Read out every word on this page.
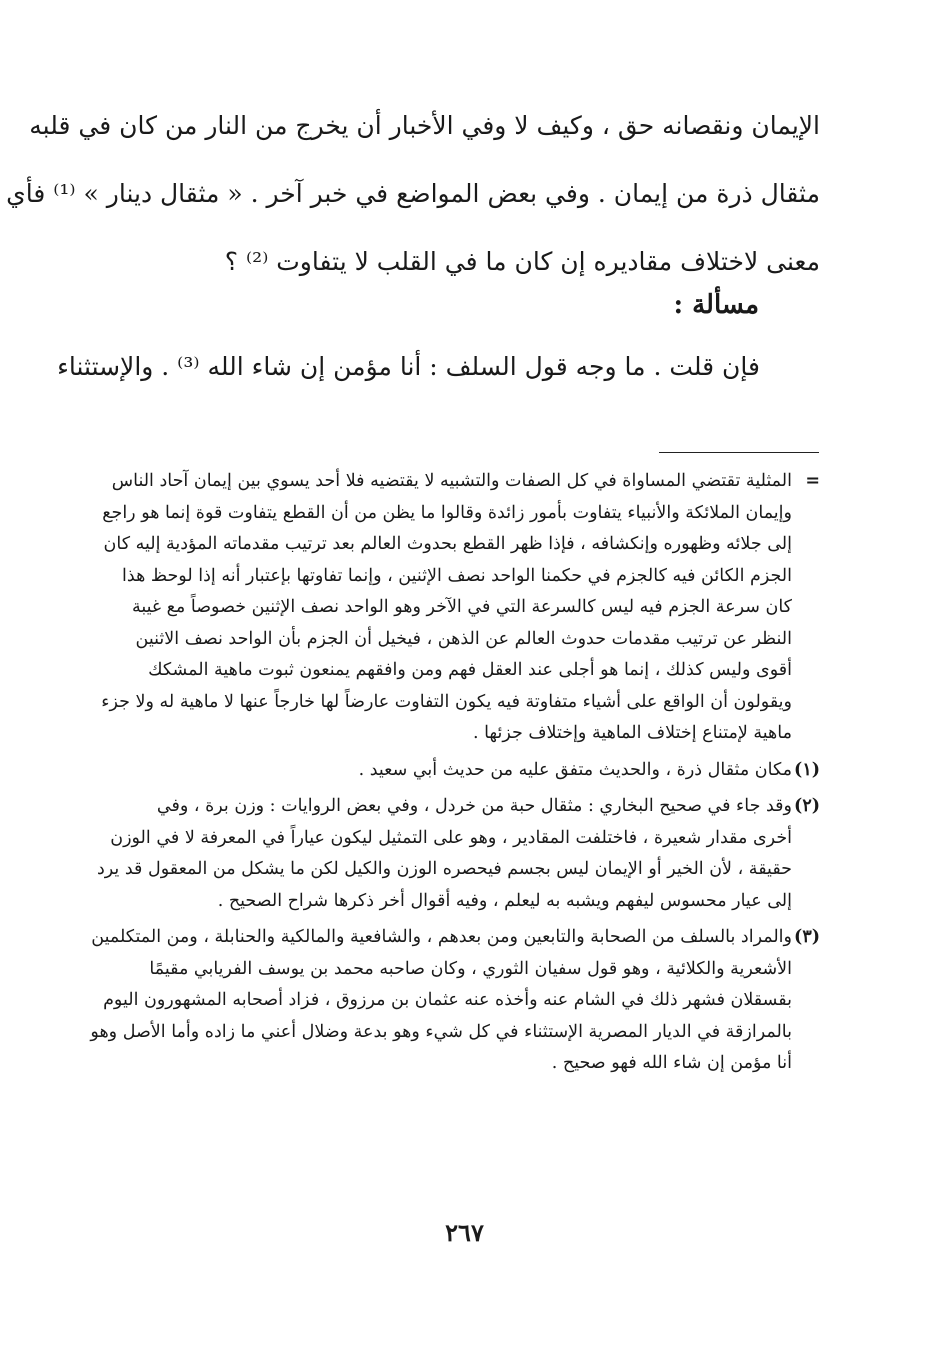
الإيمان ونقصانه حق ، وكيف لا وفي الأخبار أن يخرج من النار من كان في قلبه
مثقال ذرة من إيمان . وفي بعض المواضع في خبر آخر . « مثقال دينار » ⁽¹⁾ فأي
معنى لاختلاف مقاديره إن كان ما في القلب لا يتفاوت ⁽²⁾ ؟
مسألة :
فإن قلت . ما وجه قول السلف : أنا مؤمن إن شاء الله ⁽³⁾ . والإستثناء
=
المثلية تقتضي المساواة في كل الصفات والتشبيه لا يقتضيه فلا أحد يسوي بين إيمان آحاد الناس
وإيمان الملائكة والأنبياء يتفاوت بأمور زائدة وقالوا ما يظن من أن القطع يتفاوت قوة إنما هو راجع
إلى جلائه وظهوره وإنكشافه ، فإذا ظهر القطع بحدوث العالم بعد ترتيب مقدماته المؤدية إليه كان
الجزم الكائن فيه كالجزم في حكمنا الواحد نصف الإثنين ، وإنما تفاوتها بإعتبار أنه إذا لوحظ هذا
كان سرعة الجزم فيه ليس كالسرعة التي في الآخر وهو الواحد نصف الإثنين خصوصاً مع غيبة
النظر عن ترتيب مقدمات حدوث العالم عن الذهن ، فيخيل أن الجزم بأن الواحد نصف الاثنين
أقوى وليس كذلك ، إنما هو أجلى عند العقل فهم ومن وافقهم يمنعون ثبوت ماهية المشكك
ويقولون أن الواقع على أشياء متفاوتة فيه يكون التفاوت عارضاً لها خارجاً عنها لا ماهية له ولا جزء
ماهية لإمتناع إختلاف الماهية وإختلاف جزئها .
(١)
مكان مثقال ذرة ، والحديث متفق عليه من حديث أبي سعيد .
(٢)
وقد جاء في صحيح البخاري : مثقال حبة من خردل ، وفي بعض الروايات : وزن برة ، وفي
أخرى مقدار شعيرة ، فاختلفت المقادير ، وهو على التمثيل ليكون عياراً في المعرفة لا في الوزن
حقيقة ، لأن الخير أو الإيمان ليس بجسم فيحصره الوزن والكيل لكن ما يشكل من المعقول قد يرد
إلى عيار محسوس ليفهم ويشبه به ليعلم ، وفيه أقوال أخر ذكرها شراح الصحيح .
(٣)
والمراد بالسلف من الصحابة والتابعين ومن بعدهم ، والشافعية والمالكية والحنابلة ، ومن المتكلمين
الأشعرية والكلائية ، وهو قول سفيان الثوري ، وكان صاحبه محمد بن يوسف الفريابي مقيمًا
بقسقلان فشهر ذلك في الشام عنه وأخذه عنه عثمان بن مرزوق ، فزاد أصحابه المشهورون اليوم
بالمرازقة في الديار المصرية الإستثناء في كل شيء وهو بدعة وضلال أعني ما زاده وأما الأصل وهو
أنا مؤمن إن شاء الله فهو صحيح .
٢٦٧
